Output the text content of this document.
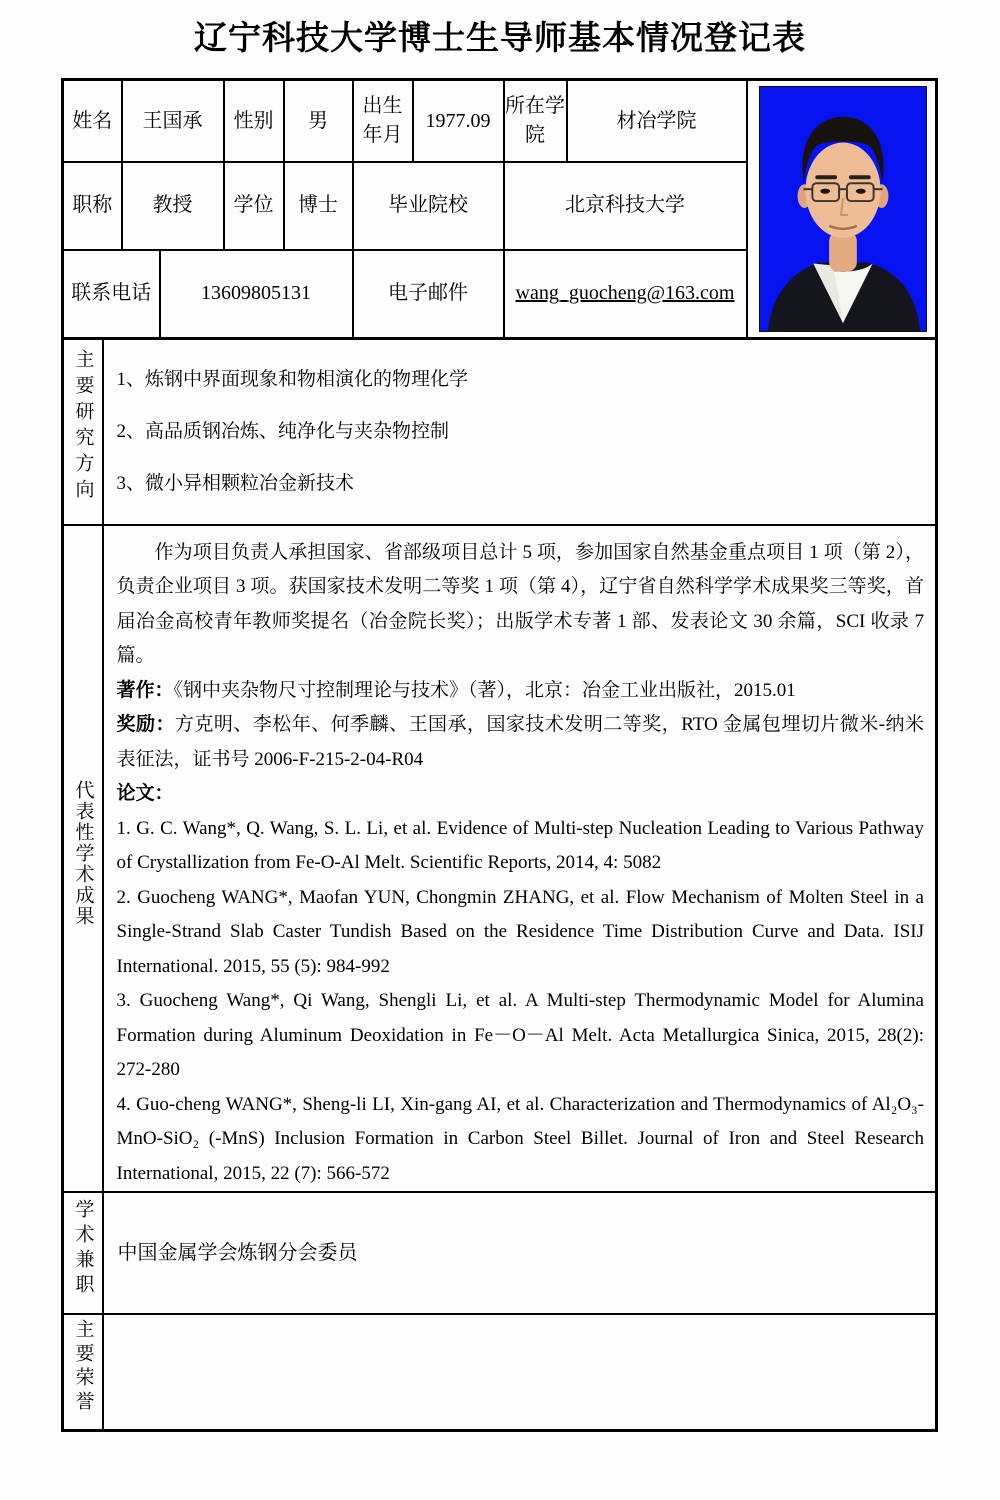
辽宁科技大学博士生导师基本情况登记表
姓名	王国承		性别	男	出生年月	1977.09	所在学院	材冶学院	

职称	教授		学位	博士	毕业院校		北京科技大学		
联系电话		13609805131			电子邮件		wang_guocheng@163.com		
主要研究方向	1、炼钢中界面现象和物相演化的物理化学

2、高品质钢冶炼、纯净化与夹杂物控制

3、微小异相颗粒冶金新技术

代表性学术成果	

作为项目负责人承担国家、省部级项目总计 5 项，参加国家自然基金重点项目 1 项（第 2），负责企业项目 3 项。获国家技术发明二等奖 1 项（第 4），辽宁省自然科学学术成果奖三等奖，首届冶金高校青年教师奖提名（冶金院长奖）；出版学术专著 1 部、发表论文 30 余篇，SCI 收录 7 篇。

著作：《钢中夹杂物尺寸控制理论与技术》（著），北京：冶金工业出版社，2015.01

奖励：方克明、李松年、何季麟、王国承，国家技术发明二等奖，RTO 金属包埋切片微米-纳米表征法，证书号 2006-F-215-2-04-R04

论文：

1. G. C. Wang*, Q. Wang, S. L. Li, et al. Evidence of Multi-step Nucleation Leading to Various Pathway of Crystallization from Fe-O-Al Melt. Scientific Reports, 2014, 4: 5082

2. Guocheng WANG*, Maofan YUN, Chongmin ZHANG, et al. Flow Mechanism of Molten Steel in a Single-Strand Slab Caster Tundish Based on the Residence Time Distribution Curve and Data. ISIJ International. 2015, 55 (5): 984-992

3. Guocheng Wang*, Qi Wang, Shengli Li, et al. A Multi-step Thermodynamic Model for Alumina Formation during Aluminum Deoxidation in Fe－O－Al Melt. Acta Metallurgica Sinica, 2015, 28(2): 272-280

4. Guo-cheng WANG*, Sheng-li LI, Xin-gang AI, et al. Characterization and Thermodynamics of Al₂O₃-MnO-SiO₂ (-MnS) Inclusion Formation in Carbon Steel Billet. Journal of Iron and Steel Research International, 2015, 22 (7): 566-572

学术兼职	中国金属学会炼钢分会委员
主要荣誉	
